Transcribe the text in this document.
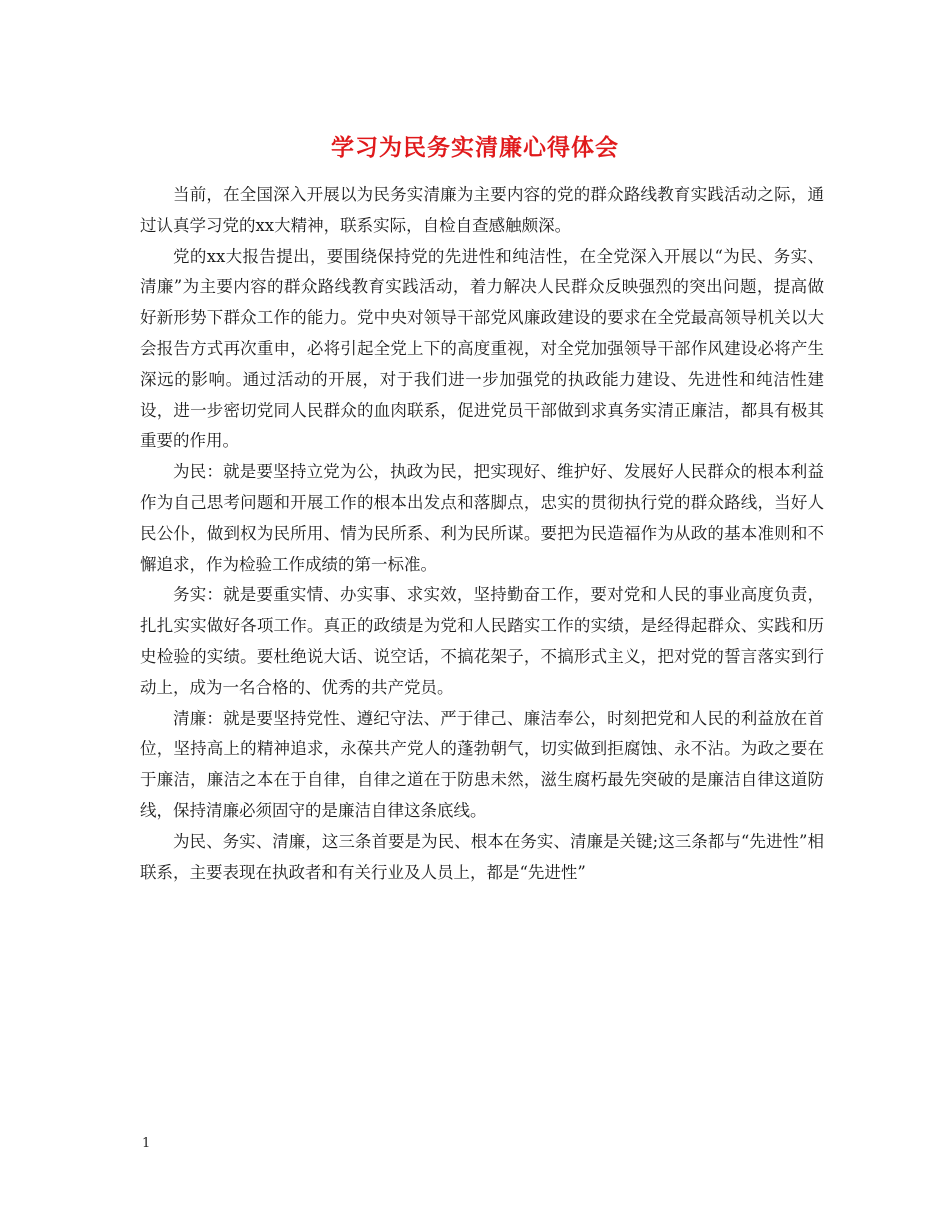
学习为民务实清廉心得体会

当前，在全国深入开展以为民务实清廉为主要内容的党的群众路线教育实践活动之际，通过认真学习党的xx大精神，联系实际，自检自查感触颇深。

党的xx大报告提出，要围绕保持党的先进性和纯洁性，在全党深入开展以“为民、务实、清廉”为主要内容的群众路线教育实践活动，着力解决人民群众反映强烈的突出问题，提高做好新形势下群众工作的能力。党中央对领导干部党风廉政建设的要求在全党最高领导机关以大会报告方式再次重申，必将引起全党上下的高度重视，对全党加强领导干部作风建设必将产生深远的影响。通过活动的开展，对于我们进一步加强党的执政能力建设、先进性和纯洁性建设，进一步密切党同人民群众的血肉联系，促进党员干部做到求真务实清正廉洁，都具有极其重要的作用。

为民：就是要坚持立党为公，执政为民，把实现好、维护好、发展好人民群众的根本利益作为自己思考问题和开展工作的根本出发点和落脚点，忠实的贯彻执行党的群众路线，当好人民公仆，做到权为民所用、情为民所系、利为民所谋。要把为民造福作为从政的基本准则和不懈追求，作为检验工作成绩的第一标准。

务实：就是要重实情、办实事、求实效，坚持勤奋工作，要对党和人民的事业高度负责，扎扎实实做好各项工作。真正的政绩是为党和人民踏实工作的实绩，是经得起群众、实践和历史检验的实绩。要杜绝说大话、说空话，不搞花架子，不搞形式主义，把对党的誓言落实到行动上，成为一名合格的、优秀的共产党员。

清廉：就是要坚持党性、遵纪守法、严于律己、廉洁奉公，时刻把党和人民的利益放在首位，坚持高上的精神追求，永葆共产党人的蓬勃朝气，切实做到拒腐蚀、永不沾。为政之要在于廉洁，廉洁之本在于自律，自律之道在于防患未然，滋生腐朽最先突破的是廉洁自律这道防线，保持清廉必须固守的是廉洁自律这条底线。

为民、务实、清廉，这三条首要是为民、根本在务实、清廉是关键;这三条都与“先进性”相联系，主要表现在执政者和有关行业及人员上，都是“先进性”

1
